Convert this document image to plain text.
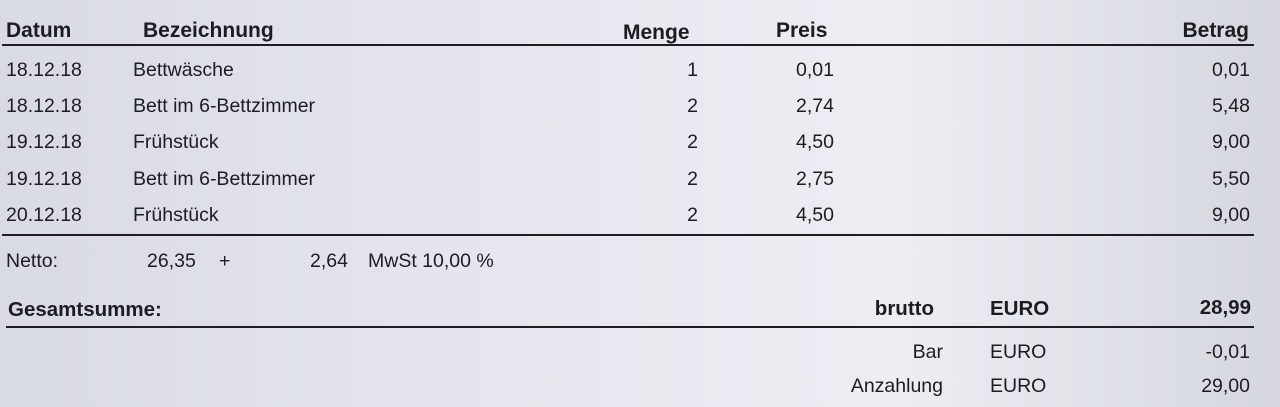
Datum	Bezeichnung	Menge	Preis	Betrag
18.12.18	Bettwäsche	1	0,01	0,01
18.12.18	Bett im 6-Bettzimmer	2	2,74	5,48
19.12.18	Frühstück	2	4,50	9,00
19.12.18	Bett im 6-Bettzimmer	2	2,75	5,50
20.12.18	Frühstück	2	4,50	9,00
Netto:	26,35 +	2,64 MwSt 10,00 %
Gesamtsumme:	brutto	EURO	28,99
Bar EURO	-0,01
Anzahlung EURO	29,00
